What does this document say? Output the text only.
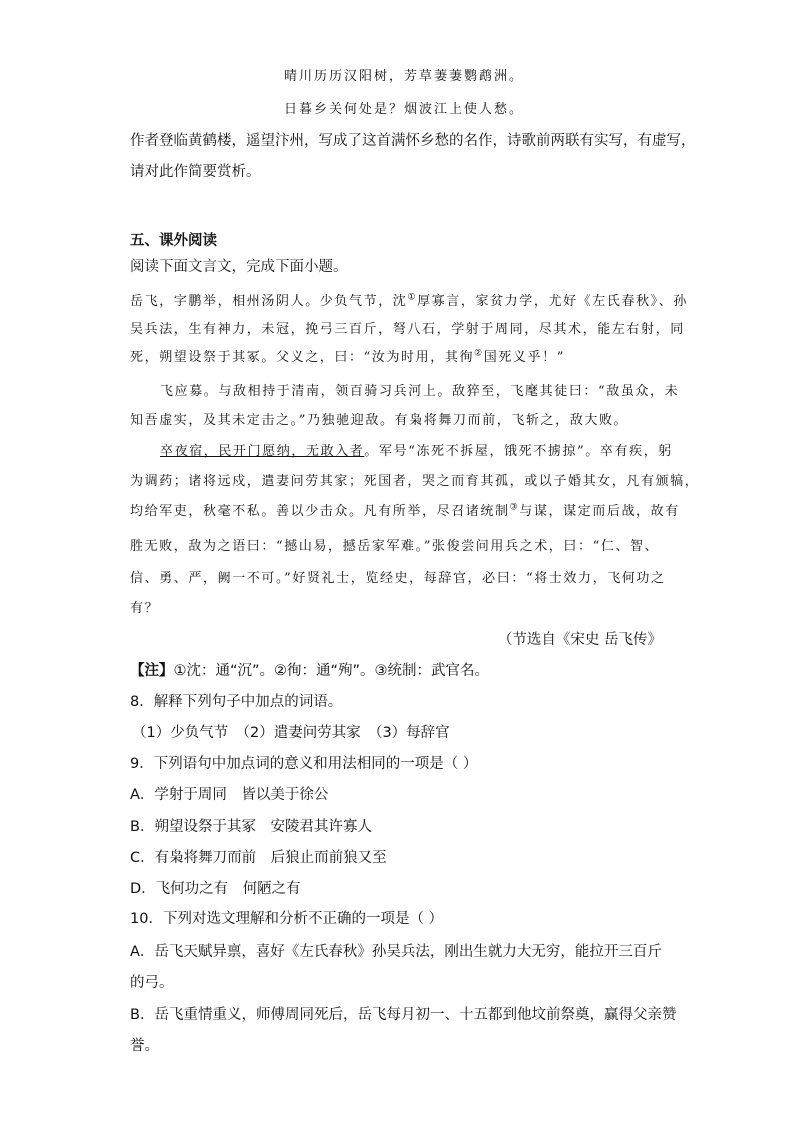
晴川历历汉阳树，芳草萋萋鹦鹉洲。
日暮乡关何处是？烟波江上使人愁。
作者登临黄鹤楼，遥望汴州，写成了这首满怀乡愁的名作，诗歌前两联有实写，有虚写，
请对此作简要赏析。
五、课外阅读
阅读下面文言文，完成下面小题。
岳飞，字鹏举，相州汤阴人。少负气节，沈①厚寡言，家贫力学，尤好《左氏春秋》、孙
吴兵法，生有神力，未冠，挽弓三百斤，弩八石，学射于周同，尽其术，能左右射，同
死，朔望设祭于其冢。父义之，曰：“汝为时用，其徇②国死义乎！”
飞应募。与敌相持于清南，领百骑习兵河上。敌猝至，飞麾其徒曰：“敌虽众，未
知吾虚实，及其未定击之。”乃独驰迎敌。有枭将舞刀而前，飞斩之，敌大败。
卒夜宿，民开门愿纳，无敢入者。军号“冻死不拆屋，饿死不掳掠”。卒有疾，躬
为调药；诸将远戍，遣妻问劳其家；死国者，哭之而育其孤，或以子婚其女，凡有颁犒，
均给军吏，秋毫不私。善以少击众。凡有所举，尽召诸统制③与谋，谋定而后战，故有
胜无败，敌为之语曰：“撼山易，撼岳家军难。”张俊尝问用兵之术，曰：“仁、智、
信、勇、严，阙一不可。”好贤礼士，览经史，每辞官，必曰：“将士效力，飞何功之
有？
（节选自《宋史 岳飞传》
【注】①沈：通“沉”。②徇：通“殉”。③统制：武官名。
8．解释下列句子中加点的词语。
（1）少负气节　（2）遣妻问劳其家　（3）每辞官
9．下列语句中加点词的意义和用法相同的一项是（ ）
A．学射于周同　皆以美于徐公
B．朔望设祭于其冢　安陵君其许寡人
C．有枭将舞刀而前　后狼止而前狼又至
D．飞何功之有　何陋之有
10．下列对选文理解和分析不正确的一项是（ ）
A．岳飞天赋异禀，喜好《左氏春秋》孙吴兵法，刚出生就力大无穷，能拉开三百斤
的弓。
B．岳飞重情重义，师傅周同死后，岳飞每月初一、十五都到他坟前祭奠，赢得父亲赞
誉。
